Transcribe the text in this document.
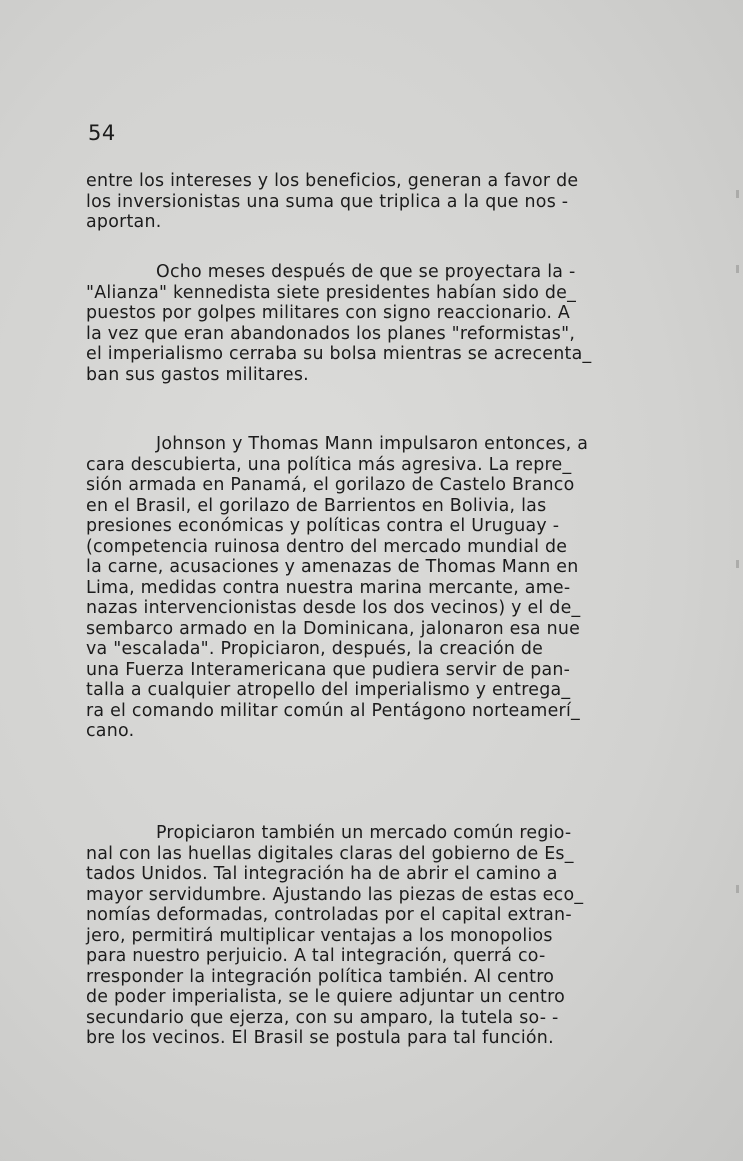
54
entre los intereses y los beneficios, generan a favor de
los inversionistas una suma que triplica a la que nos -
aportan.
Ocho meses después de que se proyectara la -
"Alianza" kennedista siete presidentes habían sido de_
puestos por golpes militares con signo reaccionario. A
la vez que eran abandonados los planes "reformistas",
el imperialismo cerraba su bolsa mientras se acrecenta_
ban sus gastos militares.
Johnson y Thomas Mann impulsaron entonces, a
cara descubierta, una política más agresiva. La repre_
sión armada en Panamá, el gorilazo de Castelo Branco
en el Brasil, el gorilazo de Barrientos en Bolivia, las
presiones económicas y políticas contra el Uruguay -
(competencia ruinosa dentro del mercado mundial de
la carne, acusaciones y amenazas de Thomas Mann en
Lima, medidas contra nuestra marina mercante, ame-
nazas intervencionistas desde los dos vecinos) y el de_
sembarco armado en la Dominicana, jalonaron esa nue
va "escalada". Propiciaron, después, la creación de
una Fuerza Interamericana que pudiera servir de pan-
talla a cualquier atropello del imperialismo y entrega_
ra el comando militar común al Pentágono norteamerí_
cano.
Propiciaron también un mercado común regio-
nal con las huellas digitales claras del gobierno de Es_
tados Unidos. Tal integración ha de abrir el camino a
mayor servidumbre. Ajustando las piezas de estas eco_
nomías deformadas, controladas por el capital extran-
jero, permitirá multiplicar ventajas a los monopolios
para nuestro perjuicio. A tal integración, querrá co-
rresponder la integración política también. Al centro
de poder imperialista, se le quiere adjuntar un centro
secundario que ejerza, con su amparo, la tutela so- -
bre los vecinos. El Brasil se postula para tal función.
